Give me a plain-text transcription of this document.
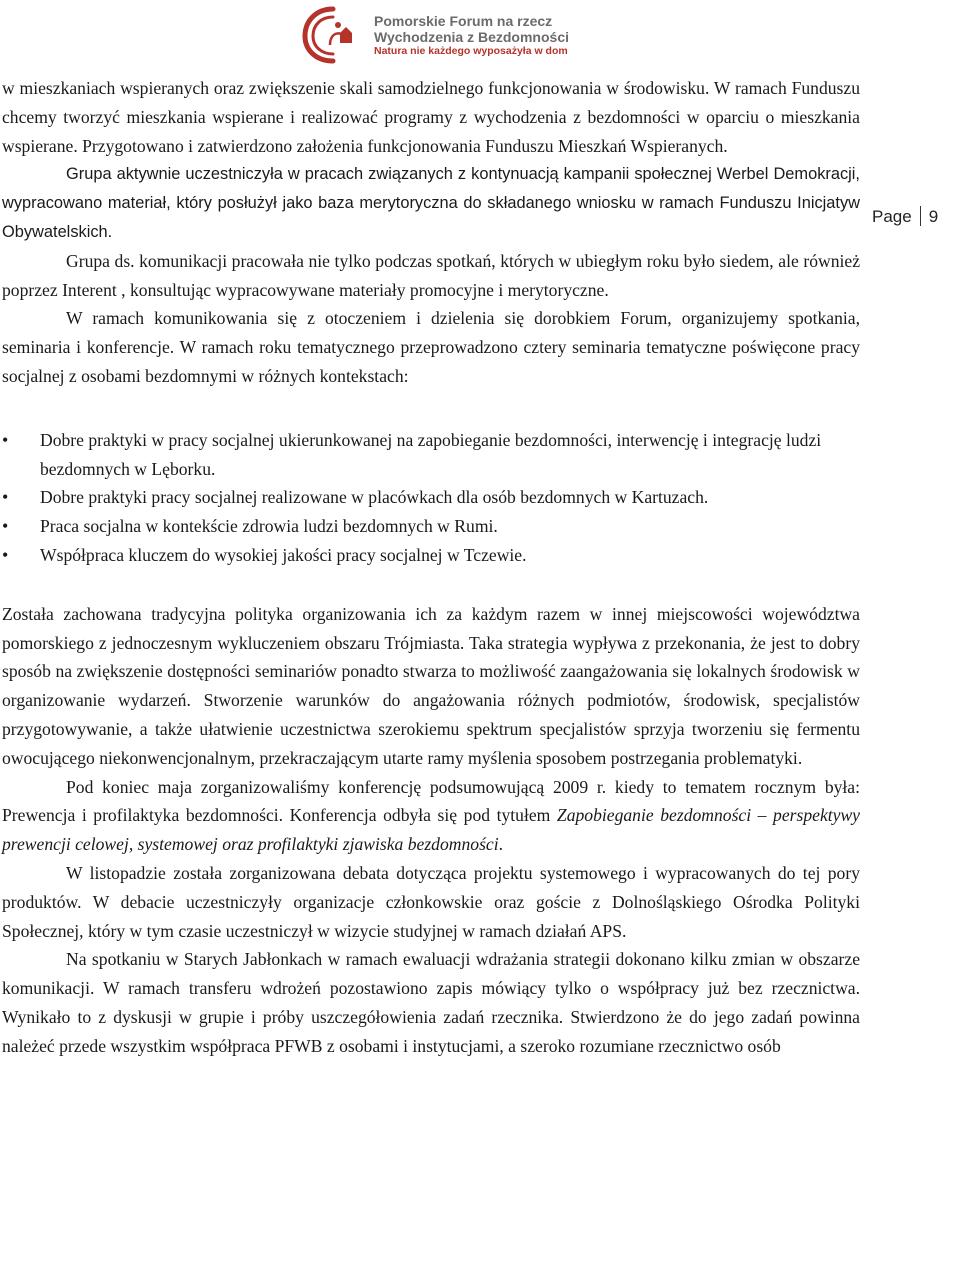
Pomorskie Forum na rzecz
Wychodzenia z Bezdomności
Natura nie każdego wyposażyła w dom
Page 9

w mieszkaniach wspieranych oraz zwiększenie skali samodzielnego funkcjonowania w środowisku. W ramach Funduszu chcemy tworzyć mieszkania wspierane i realizować programy z wychodzenia z bezdomności w oparciu o mieszkania wspierane. Przygotowano i zatwierdzono założenia funkcjonowania Funduszu Mieszkań Wspieranych.

Grupa aktywnie uczestniczyła w pracach związanych z kontynuacją kampanii społecznej Werbel Demokracji, wypracowano materiał, który posłużył jako baza merytoryczna do składanego wniosku w ramach Funduszu Inicjatyw Obywatelskich.

Grupa ds. komunikacji pracowała nie tylko podczas spotkań, których w ubiegłym roku było siedem, ale również poprzez Interent , konsultując wypracowywane materiały promocyjne i merytoryczne.

W ramach komunikowania się z otoczeniem i dzielenia się dorobkiem Forum, organizujemy spotkania, seminaria i konferencje. W ramach roku tematycznego przeprowadzono cztery seminaria tematyczne poświęcone pracy socjalnej z osobami bezdomnymi w różnych kontekstach:

• Dobre praktyki w pracy socjalnej ukierunkowanej na zapobieganie bezdomności, interwencję i integrację ludzi bezdomnych w Lęborku.
• Dobre praktyki pracy socjalnej realizowane w placówkach dla osób bezdomnych w Kartuzach.
• Praca socjalna w kontekście zdrowia ludzi bezdomnych w Rumi.
• Współpraca kluczem do wysokiej jakości pracy socjalnej w Tczewie.

Została zachowana tradycyjna polityka organizowania ich za każdym razem w innej miejscowości województwa pomorskiego z jednoczesnym wykluczeniem obszaru Trójmiasta. Taka strategia wypływa z przekonania, że jest to dobry sposób na zwiększenie dostępności seminariów ponadto stwarza to możliwość zaangażowania się lokalnych środowisk w organizowanie wydarzeń. Stworzenie warunków do angażowania różnych podmiotów, środowisk, specjalistów przygotowywanie, a także ułatwienie uczestnictwa szerokiemu spektrum specjalistów sprzyja tworzeniu się fermentu owocującego niekonwencjonalnym, przekraczającym utarte ramy myślenia sposobem postrzegania problematyki.

Pod koniec maja zorganizowaliśmy konferencję podsumowującą 2009 r. kiedy to tematem rocznym była: Prewencja i profilaktyka bezdomności. Konferencja odbyła się pod tytułem Zapobieganie bezdomności – perspektywy prewencji celowej, systemowej oraz profilaktyki zjawiska bezdomności.

W listopadzie została zorganizowana debata dotycząca projektu systemowego i wypracowanych do tej pory produktów. W debacie uczestniczyły organizacje członkowskie oraz goście z Dolnośląskiego Ośrodka Polityki Społecznej, który w tym czasie uczestniczył w wizycie studyjnej w ramach działań APS.

Na spotkaniu w Starych Jabłonkach w ramach ewaluacji wdrażania strategii dokonano kilku zmian w obszarze komunikacji. W ramach transferu wdrożeń pozostawiono zapis mówiący tylko o współpracy już bez rzecznictwa. Wynikało to z dyskusji w grupie i próby uszczegółowienia zadań rzecznika. Stwierdzono że do jego zadań powinna należeć przede wszystkim współpraca PFWB z osobami i instytucjami, a szeroko rozumiane rzecznictwo osób
